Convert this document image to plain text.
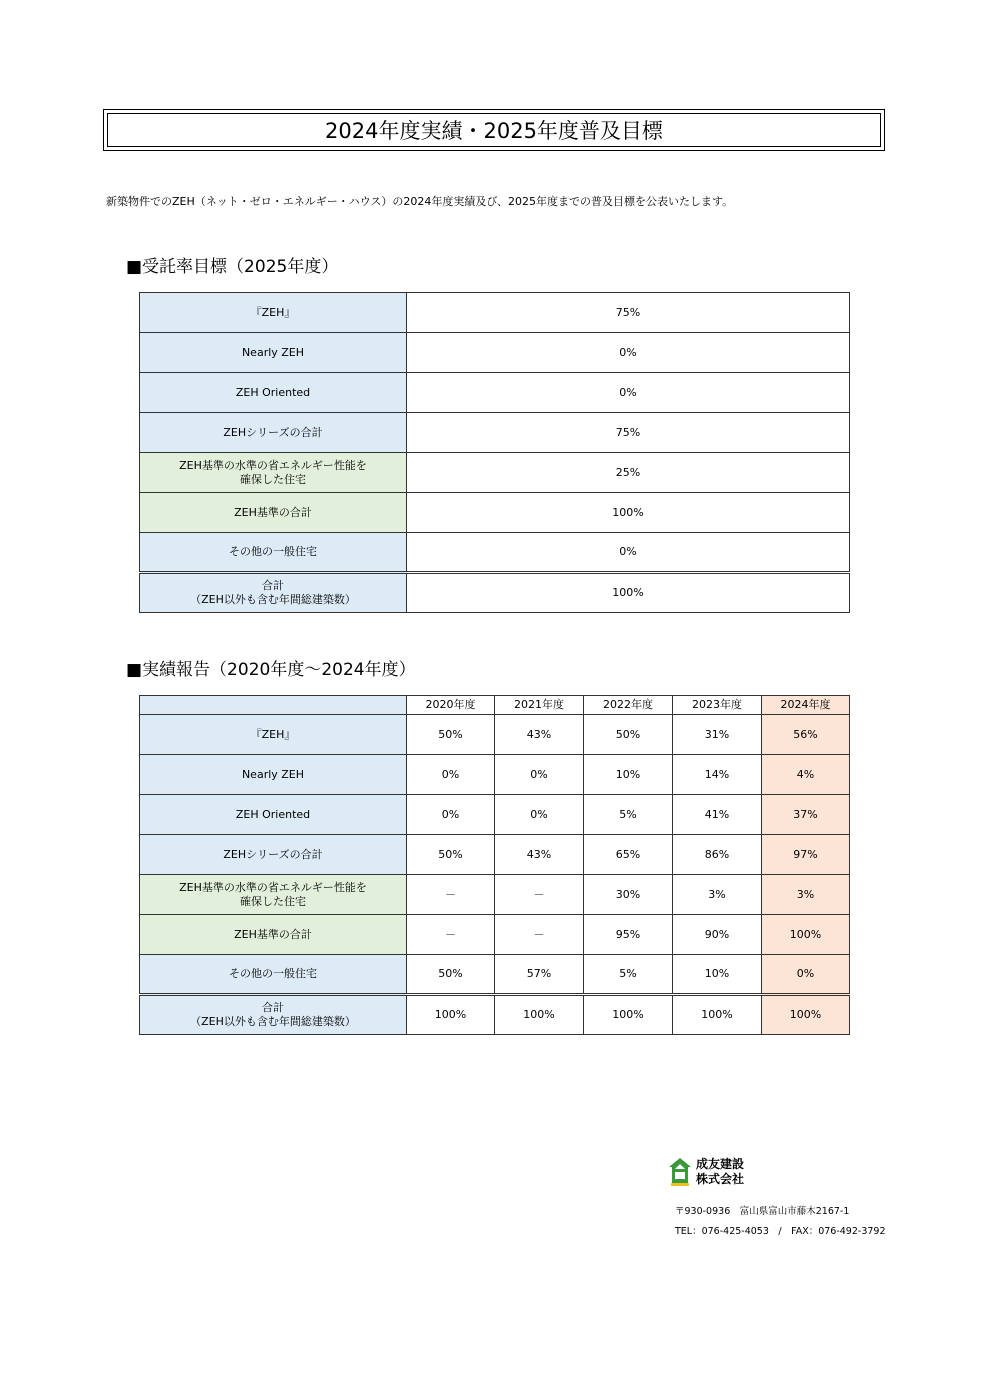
2024年度実績・2025年度普及目標
新築物件でのZEH（ネット・ゼロ・エネルギー・ハウス）の2024年度実績及び、2025年度までの普及目標を公表いたします。
■受託率目標（2025年度）
『ZEH』	75%
Nearly ZEH	0%
ZEH Oriented	0%
ZEHシリーズの合計	75%

ZEH基準の水準の省エネルギー性能を
確保した住宅	25%
ZEH基準の合計	100%
その他の一般住宅	0%

合計
（ZEH以外も含む年間総建築数）	100%
■実績報告（2020年度～2024年度）
	2020年度	2021年度	2022年度	2023年度	2024年度
『ZEH』	50%	43%	50%	31%	56%
Nearly ZEH	0%	0%	10%	14%	4%
ZEH Oriented	0%	0%	5%	41%	37%
ZEHシリーズの合計	50%	43%	65%	86%	97%

ZEH基準の水準の省エネルギー性能を
確保した住宅	－	－	30%	3%	3%
ZEH基準の合計	－	－	95%	90%	100%
その他の一般住宅	50%	57%	5%	10%	0%

合計
（ZEH以外も含む年間総建築数）	100%	100%	100%	100%	100%
成友建設
株式会社
〒930-0936　富山県富山市藤木2167-1
TEL：076-425-4053　/　FAX：076-492-3792
